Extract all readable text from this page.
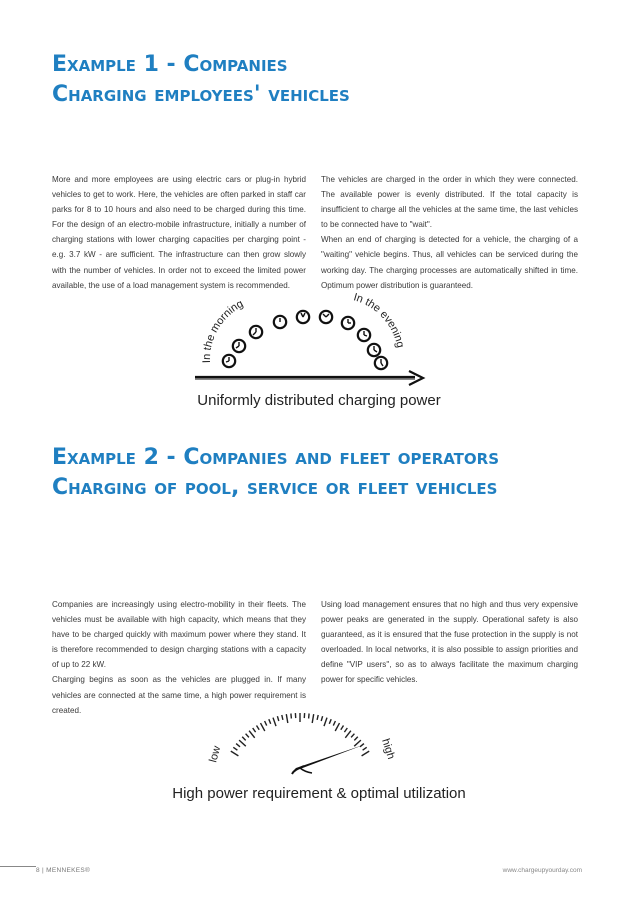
Example 1 - Companies
Charging employees' vehicles

More and more employees are using electric cars or plug-in hybrid vehicles to get to work. Here, the vehicles are often parked in staff car parks for 8 to 10 hours and also need to be charged during this time. For the design of an electro-mobile infrastructure, initially a number of charging stations with lower charging capacities per charging point - e.g. 3.7 kW - are sufficient. The infrastructure can then grow slowly with the number of vehicles. In order not to exceed the limited power available, the use of a load management system is recommended.

The vehicles are charged in the order in which they were connected. The available power is evenly distributed. If the total capacity is insufficient to charge all the vehicles at the same time, the last vehicles to be connected have to "wait".

When an end of charging is detected for a vehicle, the charging of a "waiting" vehicle begins. Thus, all vehicles can be serviced during the working day. The charging processes are automatically shifted in time. Optimum power distribution is guaranteed.

In the morning
In the evening
Uniformly distributed charging power
Example 2 - Companies and fleet operators
Charging of pool, service or fleet vehicles

Companies are increasingly using electro-mobility in their fleets. The vehicles must be available with high capacity, which means that they have to be charged quickly with maximum power where they stand. It is therefore recommended to design charging stations with a capacity of up to 22 kW.

Charging begins as soon as the vehicles are plugged in. If many vehicles are connected at the same time, a high power requirement is created.

Using load management ensures that no high and thus very expensive power peaks are generated in the supply. Operational safety is also guaranteed, as it is ensured that the fuse protection in the supply is not overloaded. In local networks, it is also possible to assign priorities and define "VIP users", so as to always facilitate the maximum charging power for specific vehicles.

low	high
High power requirement & optimal utilization
8 | MENNEKES®	www.chargeupyourday.com
